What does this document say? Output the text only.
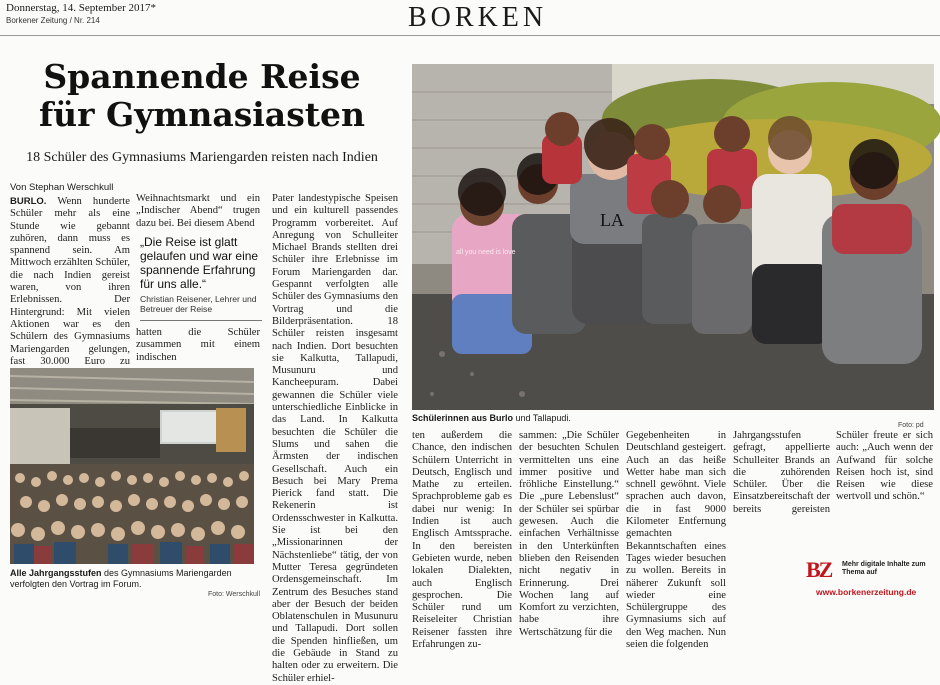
Donnerstag, 14. September 2017*
Borkener Zeitung / Nr. 214	BORKEN
Spannende Reise
für Gymnasiasten
18 Schüler des Gymnasiums Mariengarden reisten nach Indien
Von Stephan Werschkull
BURLO. Wenn hunderte Schüler mehr als eine Stunde wie gebannt zuhören, dann muss es spannend sein. Am Mittwoch erzählten Schüler, die nach Indien gereist waren, von ihren Erlebnissen. Der Hintergrund: Mit vielen Aktionen war es den Schülern des Gymnasiums Mariengarden gelungen, fast 30.000 Euro zu
Weihnachtsmarkt und ein „Indischer Abend“ trugen dazu bei. Bei diesem Abend
„Die Reise ist glatt gelaufen und war eine spannende Erfahrung für uns alle.“
Christian Reisener, Lehrer und Betreuer der Reise
hatten die Schüler zusammen mit einem indischen
Pater landestypische Speisen und ein kulturell passendes Programm vorbereitet. Auf Anregung von Schulleiter Michael Brands stellten drei Schüler ihre Erlebnisse im Forum Mariengarden dar. Gespannt verfolgten alle Schüler des Gymnasiums den Vortrag und die Bilderpräsentation. 18 Schüler reisten insgesamt nach Indien. Dort besuchten sie Kalkutta, Tallapudi, Musunuru und Kancheepuram. Dabei gewannen die Schüler viele unterschiedliche Einblicke in das Land. In Kalkutta besuchten die Schüler die Slums und sahen die Ärmsten der indischen Gesellschaft. Auch ein Besuch bei Mary Prema Pierick fand statt. Die Rekenerin ist Ordensschwester in Kalkutta. Sie ist bei den „Missionarinnen der Nächstenliebe“ tätig, der von Mutter Teresa gegründeten Ordensgemeinschaft. Im Zentrum des Besuches stand aber der Besuch der beiden Oblatenschulen in Musunuru und Tallapudi. Dort sollen die Spenden hinfließen, um die Gebäude in Stand zu halten oder zu erweitern. Die Schüler erhiel-
Alle Jahrgangsstufen des Gymnasiums Mariengarden verfolgten den Vortrag im Forum.
Foto: Werschkull
LA
all you need is love
Schülerinnen aus Burlo und Tallapudi.
Foto: pd
ten außerdem die Chance, den indischen Schülern Unterricht in Deutsch, Englisch und Mathe zu erteilen. Sprachprobleme gab es dabei nur wenig: In Indien ist auch Englisch Amtssprache. In den bereisten Gebieten wurde, neben lokalen Dialekten, auch Englisch gesprochen. Die Schüler rund um Reiseleiter Christian Reisener fassten ihre Erfahrungen zu-
sammen: „Die Schüler der besuchten Schulen vermittelten uns eine immer positive und fröhliche Einstellung.“ Die „pure Lebenslust“ der Schüler sei spürbar gewesen. Auch die einfachen Verhältnisse in den Unterkünften blieben den Reisenden nicht negativ in Erinnerung. Drei Wochen lang auf Komfort zu verzichten, habe ihre Wertschätzung für die
Gegebenheiten in Deutschland gesteigert. Auch an das heiße Wetter habe man sich schnell gewöhnt. Viele sprachen auch davon, die in fast 9000 Kilometer Entfernung gemachten Bekanntschaften eines Tages wieder besuchen zu wollen. Bereits in näherer Zukunft soll wieder eine Schülergruppe des Gymnasiums sich auf den Weg machen. Nun seien die folgenden
Jahrgangsstufen gefragt, appellierte Schulleiter Brands an die zuhörenden Schüler. Über die Einsatzbereitschaft der bereits gereisten Schüler freute er sich auch: „Auch wenn der Aufwand für solche Reisen hoch ist, sind Reisen wie diese wertvoll und schön.“
BZ	Mehr digitale Inhalte zum Thema auf
www.borkenerzeitung.de
